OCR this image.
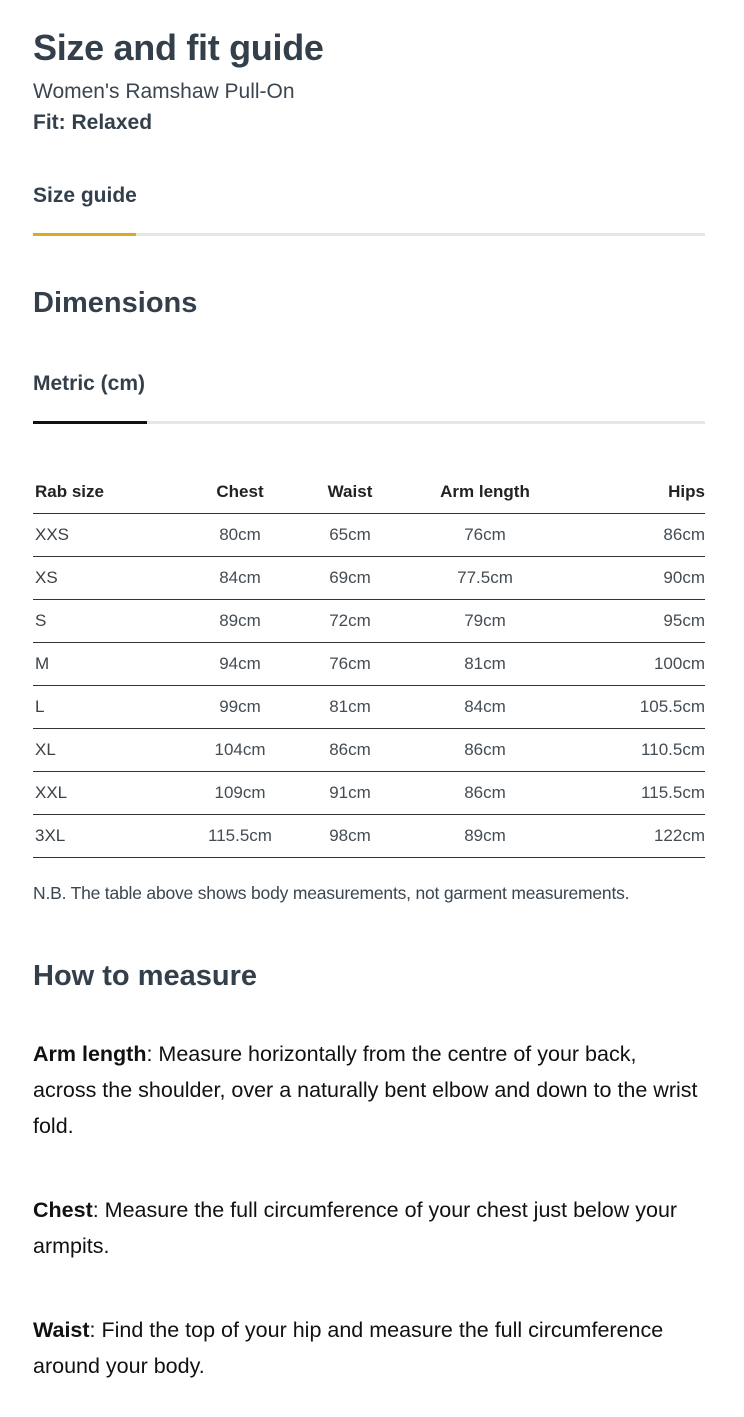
Size and fit guide
Women's Ramshaw Pull-On
Fit: Relaxed
Size guide
Dimensions
Metric (cm)
Rab size	Chest	Waist	Arm length	Hips
XXS	80cm	65cm	76cm	86cm
XS	84cm	69cm	77.5cm	90cm
S	89cm	72cm	79cm	95cm
M	94cm	76cm	81cm	100cm
L	99cm	81cm	84cm	105.5cm
XL	104cm	86cm	86cm	110.5cm
XXL	109cm	91cm	86cm	115.5cm
3XL	115.5cm	98cm	89cm	122cm
N.B. The table above shows body measurements, not garment measurements.
How to measure

Arm length: Measure horizontally from the centre of your back, across the shoulder, over a naturally bent elbow and down to the wrist fold.

Chest: Measure the full circumference of your chest just below your armpits.

Waist: Find the top of your hip and measure the full circumference around your body.
